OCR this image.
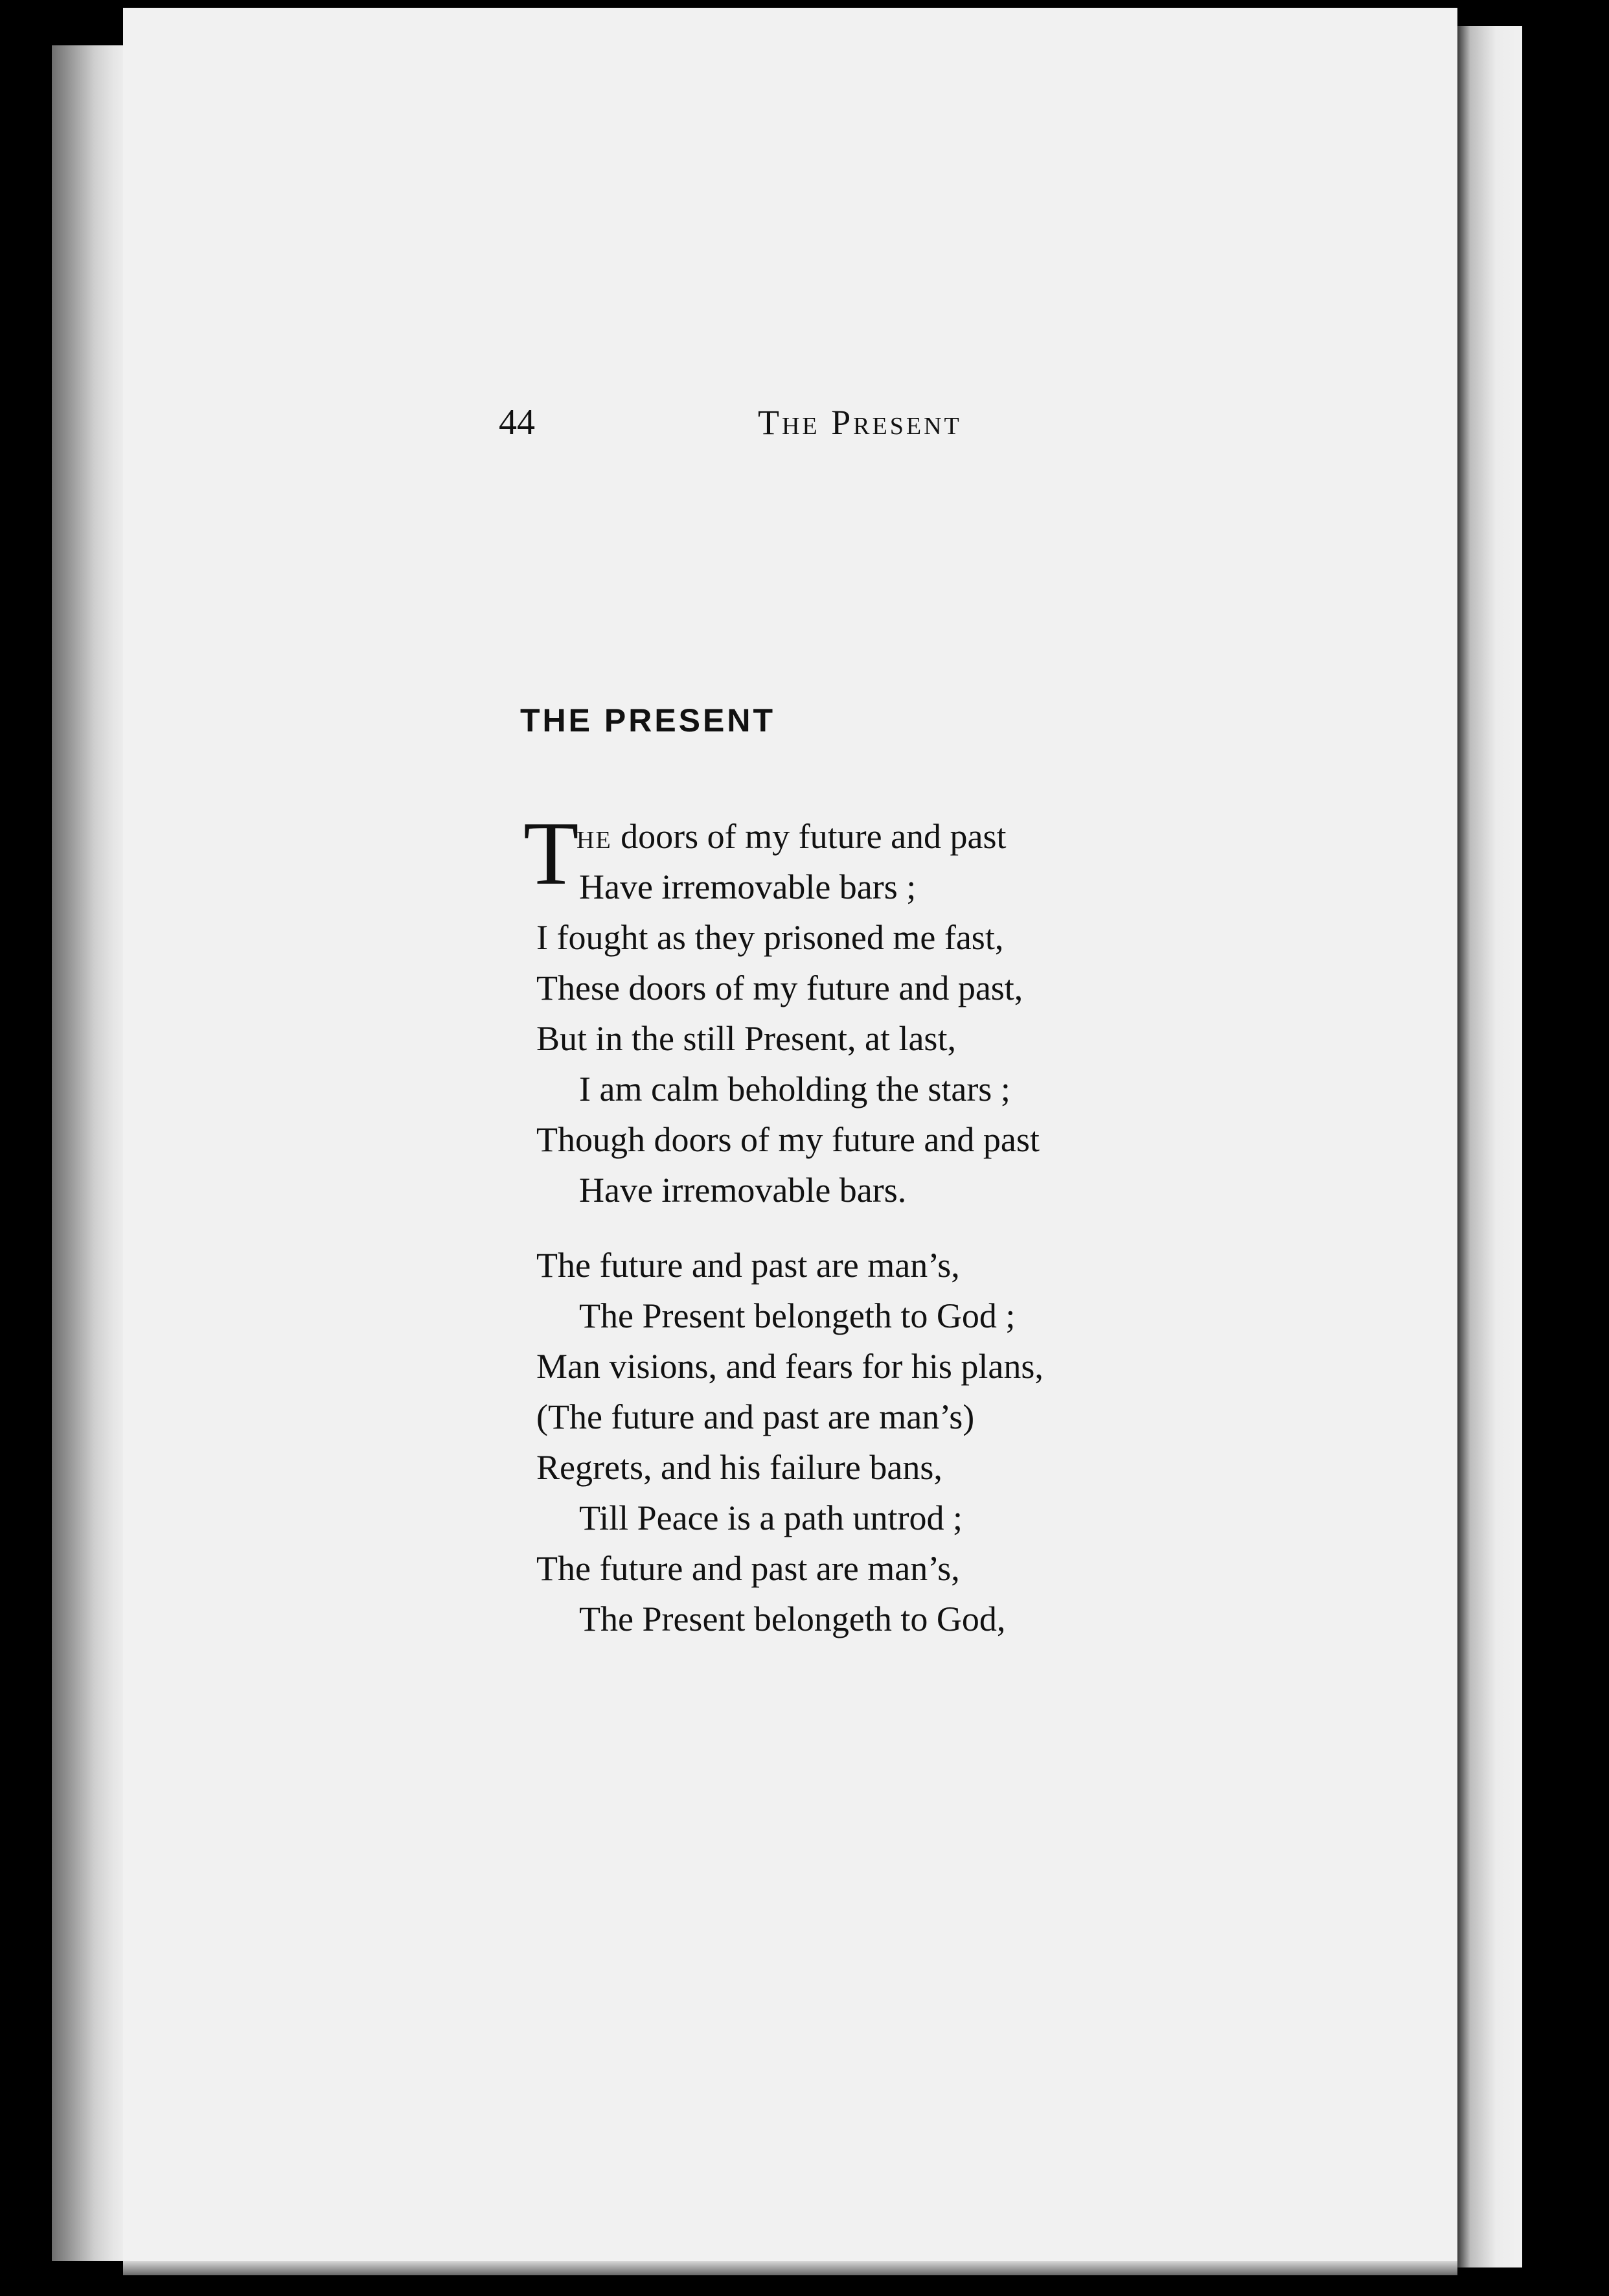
44	The Present
THE PRESENT
T
he doors of my future and past
Have irremovable bars ;
I fought as they prisoned me fast,
These doors of my future and past,
But in the still Present, at last,
I am calm beholding the stars ;
Though doors of my future and past
Have irremovable bars.
The future and past are man’s,
The Present belongeth to God ;
Man visions, and fears for his plans,
(The future and past are man’s)
Regrets, and his failure bans,
Till Peace is a path untrod ;
The future and past are man’s,
The Present belongeth to God,
